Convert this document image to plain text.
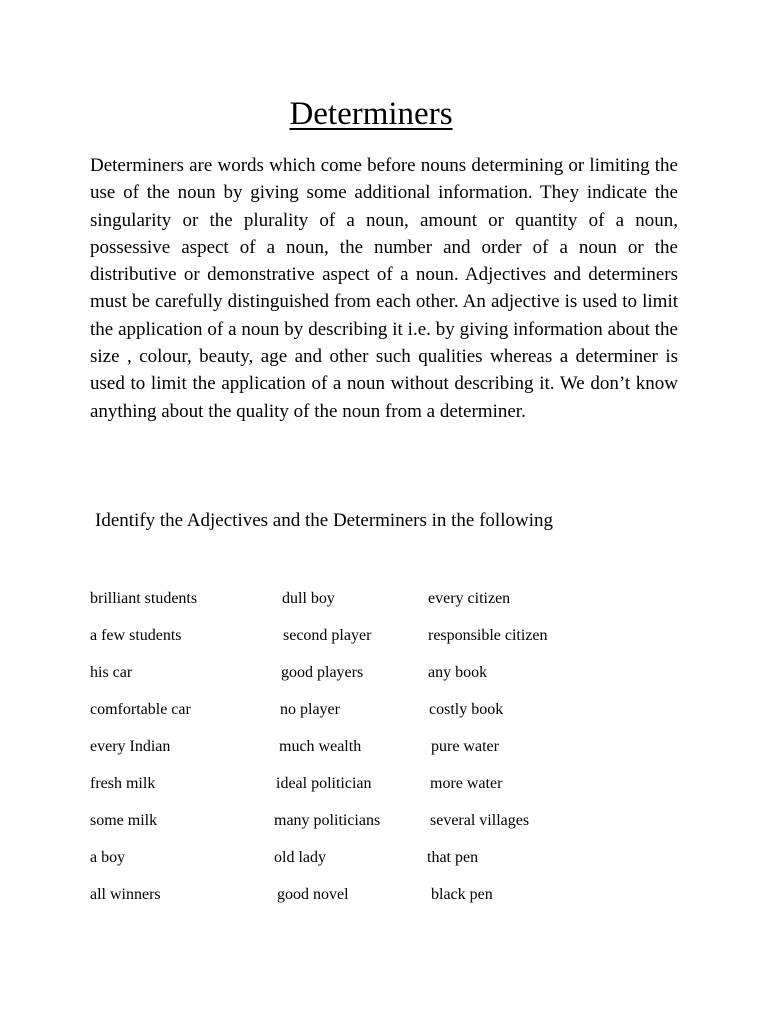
Determiners

Determiners are words which come before nouns determining or limiting the use of the noun by giving some additional information. They indicate the singularity or the plurality of a noun, amount or quantity of a noun, possessive aspect of a noun, the number and order of a noun or the distributive or demonstrative aspect of a noun. Adjectives and determiners must be carefully distinguished from each other. An adjective is used to limit the application of a noun by describing it i.e. by giving information about the size , colour, beauty, age and other such qualities whereas a determiner is used to limit the application of a noun without describing it. We don’t know anything about the quality of the noun from a determiner.

Identify the Adjectives and the Determiners in the following

brilliant students	dull boy	every citizen
a few students	second player	responsible citizen
his car	good players	any book
comfortable car	no player	costly book
every Indian	much wealth	pure water
fresh milk	ideal politician	more water
some milk	many politicians	several villages
a boy	old lady	that pen
all winners	good novel	black pen
